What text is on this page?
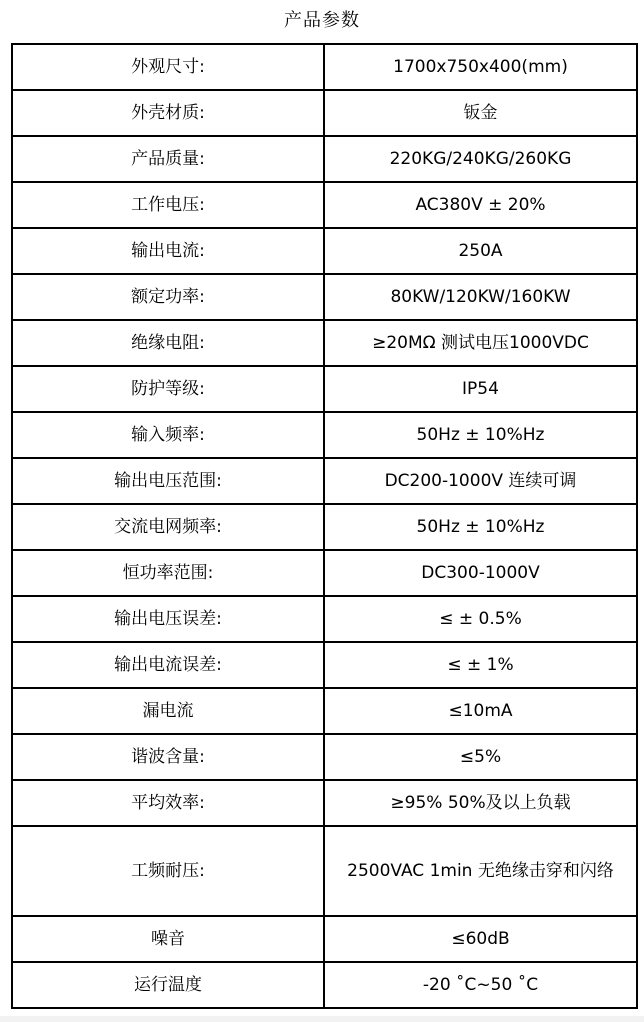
产品参数
外观尺寸:	1700x750x400(mm)
外壳材质:	钣金
产品质量:	220KG/240KG/260KG
工作电压:	AC380V ± 20%
输出电流:	250A
额定功率:	80KW/120KW/160KW
绝缘电阻:	≥20MΩ 测试电压1000VDC
防护等级:	IP54
输入频率:	50Hz ± 10%Hz
输出电压范围:	DC200-1000V 连续可调
交流电网频率:	50Hz ± 10%Hz
恒功率范围:	DC300-1000V
输出电压误差:	≤ ± 0.5%
输出电流误差:	≤ ± 1%
漏电流	≤10mA
谐波含量:	≤5%
平均效率:	≥95% 50%及以上负载
工频耐压:	2500VAC 1min 无绝缘击穿和闪络
噪音	≤60dB
运行温度	-20 ˚C~50 ˚C
